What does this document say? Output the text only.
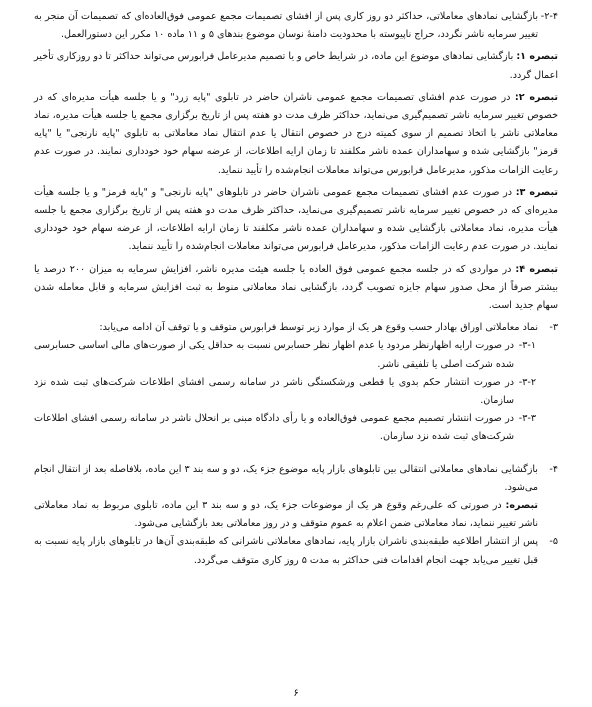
۲-۴-
بازگشایی نمادهای معاملاتی، حداکثر دو روز کاری پس از افشای تصمیمات مجمع عمومی فوق‌العاده‌ای که تصمیمات آن منجر به تغییر سرمایه ناشر نگردد، حراج ناپیوسته با محدودیت دامنۀ نوسان موضوع بندهای ۵ و ۱۱ ماده ۱۰ مکرر این دستورالعمل.

تبصره ۱: بازگشایی نمادهای موضوع این ماده، در شرایط خاص و یا تصمیم مدیرعامل فرابورس می‌تواند حداکثر تا دو روزکاری تأخیر اعمال گردد.

تبصره ۲: در صورت عدم افشای تصمیمات مجمع عمومی ناشران حاضر در تابلوی "پایه زرد" و یا جلسه هیأت مدیره‌ای که در خصوص تغییر سرمایه ناشر تصمیم‌گیری می‌نماید، حداکثر ظرف مدت دو هفته پس از تاریخ برگزاری مجمع یا جلسه هیأت مدیره، نماد معاملاتی ناشر با اتخاذ تصمیم از سوی کمیته درج در خصوص انتقال یا عدم انتقال نماد معاملاتی به تابلوی "پایه نارنجی" یا "پایه قرمز" بازگشایی شده و سهامداران عمده ناشر مکلفند تا زمان ارایه اطلاعات، از عرضه سهام خود خودداری نمایند. در صورت عدم رعایت الزامات مذکور، مدیرعامل فرابورس می‌تواند معاملات انجام‌شده را تأیید ننماید.

تبصره ۳: در صورت عدم افشای تصمیمات مجمع عمومی ناشران حاضر در تابلوهای "پایه نارنجی" و "پایه قرمز" و یا جلسه هیأت مدیره‌ای که در خصوص تغییر سرمایه ناشر تصمیم‌گیری می‌نماید، حداکثر ظرف مدت دو هفته پس از تاریخ برگزاری مجمع یا جلسه هیأت مدیره، نماد معاملاتی بازگشایی شده و سهامداران عمده ناشر مکلفند تا زمان ارایه اطلاعات، از عرضه سهام خود خودداری نمایند. در صورت عدم رعایت الزامات مذکور، مدیرعامل فرابورس می‌تواند معاملات انجام‌شده را تأیید ننماید.

تبصره ۴: در مواردی که در جلسه مجمع عمومی فوق العاده یا جلسه هیئت مدیره ناشر، افزایش سرمایه به میزان ۲۰۰ درصد یا بیشتر صرفاً از محل صدور سهام جایزه تصویب گردد، بازگشایی نماد معاملاتی منوط به ثبت افزایش سرمایه و قابل معامله شدن سهام جدید است.

۳-
نماد معاملاتی اوراق بهادار حسب وقوع هر یک از موارد زیر توسط فرابورس متوقف و یا توقف آن ادامه می‌یابد:

۳-۱-
در صورت ارایه اظهارنظر مردود یا عدم اظهار نظر حسابرس نسبت به حداقل یکی از صورت‌های مالی اساسی حسابرسی شده شرکت اصلی یا تلفیقی ناشر.

۳-۲-
در صورت انتشار حکم بدوی یا قطعی ورشکستگی ناشر در سامانه رسمی افشای اطلاعات شرکت‌های ثبت شده نزد سازمان.

۳-۳-
در صورت انتشار تصمیم مجمع عمومی فوق‌العاده و یا رأی دادگاه مبنی بر انحلال ناشر در سامانه رسمی افشای اطلاعات شرکت‌های ثبت شده نزد سازمان.

۴-
بازگشایی نمادهای معاملاتی انتقالی بین تابلوهای بازار پایه موضوع جزء یک، دو و سه بند ۳ این ماده، بلافاصله بعد از انتقال انجام می‌شود.

تبصره: در صورتی که علی‌رغم وقوع هر یک از موضوعات جزء یک، دو و سه بند ۳ این ماده، تابلوی مربوط به نماد معاملاتی ناشر تغییر ننماید، نماد معاملاتی ضمن اعلام به عموم متوقف و در روز معاملاتی بعد بازگشایی می‌شود.

۵-
پس از انتشار اطلاعیه طبقه‌بندی ناشران بازار پایه، نمادهای معاملاتی ناشرانی که طبقه‌بندی آن‌ها در تابلوهای بازار پایه نسبت به قبل تغییر می‌یابد جهت انجام اقدامات فنی حداکثر به مدت ۵ روز کاری متوقف می‌گردد.

۶
